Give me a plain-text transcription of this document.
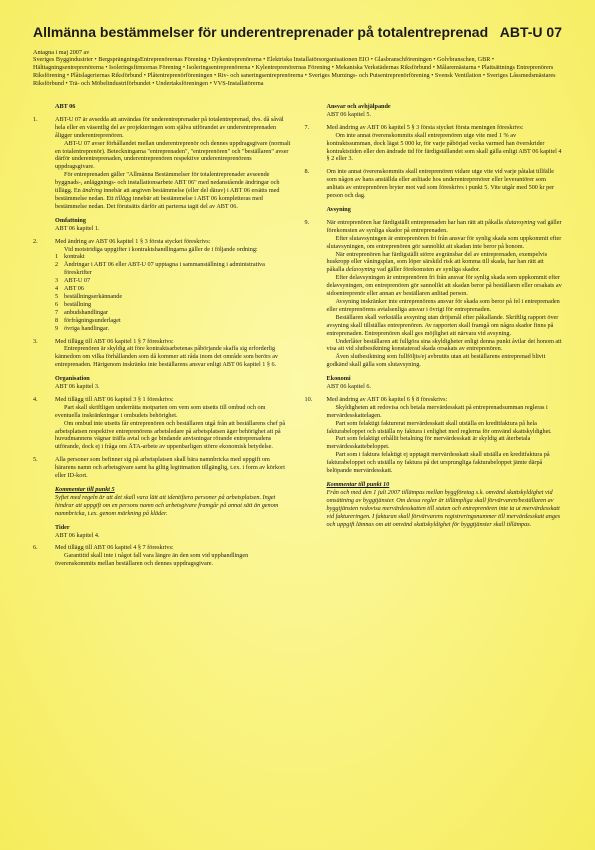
Allmänna bestämmelser för underentreprenader på totalentreprenad ABT-U 07
Antagna i maj 2007 av
Sveriges Byggindustrier • BergsprängningsEntreprenörernas Förening • Dykentreprenörerna • Elektriska Installatörsorganisationen EIO • Glasbranschföreningen • Golvbranschen, GBR • Hälttagningsentreprenörerna • Isoleringsfirmornas Förening • Isoleringsentreprenörerna • Kylentreprenörernas Förening • Mekaniska Verkstädernas Riksförbund • Målaremästarna • Plattsättnings Entreprenörers Riksförening • Plåtslageriernas Riksförbund • Plåtentreprenörföreningen • Riv- och saneringsentreprenörerna • Sveriges Murnings- och Putsentreprenörförening • Svensk Ventilation • Sveriges Låssmedsmästares Riksförbund • Trä- och Möbelindustriförbundet • Undertaksföreningen • VVS-Installatörerna
ABT 06
1.	ABT-U 07 är avsedda att användas för underentreprenader på totalentreprenad, dvs. då såväl hela eller en väsentlig del av projekteringen som själva utförandet av underentreprenaden åligger underentreprenören.
ABT-U 07 avser förhållandet mellan underentreprenör och dennes uppdragsgivare (normalt en totalentreprenör). Beteckningarna "entreprenaden", "entreprenören" och "beställaren" avser därför underentreprenaden, underentreprenören respektive underentreprenörens uppdragsgivare.
För entreprenaden gäller "Allmänna Bestämmelser för totalentreprenader avseende byggnads-, anläggnings- och installationsarbete ABT 06" med nedanstående ändringar och tillägg. En ändring innebär att angiven bestämmelse (eller del därav) i ABT 06 ersätts med bestämmelse nedan. Ett tillägg innebär att bestämmelse i ABT 06 kompletteras med bestämmelse nedan. Det förutsätts därför att parterna tagit del av ABT 06.
Omfattning
ABT 06 kapitel 1.
2.	Med ändring av ABT 06 kapitel 1 § 3 första stycket föreskrivs:
Vid motstridiga uppgifter i kontraktshandlingarna gäller de i följande ordning:
1 kontrakt
2 Ändringar i ABT 06 eller ABT-U 07 upptagna i sammanställning i administrativa föreskrifter
3 ABT-U 07
4 ABT 06
5 beställningserkännande
6 beställning
7 anbudshandlingar
8 förfrågningsunderlaget
9 övriga handlingar.
3.	Med tillägg till ABT 06 kapitel 1 § 7 föreskrivs:
Entreprenören är skyldig att före kontraktsarbetenas påbörjande skaffa sig erforderlig kännedom om vilka förhållanden som då kommer att råda inom det område som berörs av entreprenaden. Härigenom inskränks inte beställarens ansvar enligt ABT 06 kapitel 1 § 6.
Organisation
ABT 06 kapitel 3.
4.	Med tillägg till ABT 06 kapitel 3 § 1 föreskrivs:
Part skall skriftligen underrätta motparten om vem som utsetts till ombud och om eventuella inskränkningar i ombudets behörighet.
Om ombud inte utsetts får entreprenören och beställaren utgå från att beställarens chef på arbetsplatsen respektive entreprenörens arbetsledare på arbetsplatsen äger behörighet att på huvudmannens vägnar träffa avtal och ge bindande anvisningar rörande entreprenadens utförande, dock ej i fråga om ÄTA-arbete av uppenbarligen större ekonomisk betydelse.
5.	Alla personer som befinner sig på arbetsplatsen skall bära namnbricka med uppgift om härarens namn och arbetsgivare samt ha giltig legitimation tillgänglig, t.ex. i form av körkort eller ID-kort.
Kommentar till punkt 5
Syftet med regeln är att det skall vara lätt att identifiera personer på arbetsplatsen. Inget hindrar att uppgift om en persons namn och arbetsgivare framgår på annat sätt än genom namnbricka, t.ex. genom märkning på kläder.
Tider
ABT 06 kapitel 4.
6.	Med tillägg till ABT 06 kapitel 4 § 7 föreskrivs:
Garantitid skall inte i något fall vara längre än den som vid upphandlingen överenskommits mellan beställaren och dennes uppdragsgivare.
Ansvar och avhjälpande
ABT 06 kapitel 5.
7.	Med ändring av ABT 06 kapitel 5 § 3 första stycket första meningen föreskrivs:
Om inte annat överenskommits skall entreprenören utge vite med 1 % av kontraktssumman, dock lägst 5 000 kr, för varje påbörjad vecka varmed han överskrider kontraktstiden eller den ändrade tid för färdigställandet som skall gälla enligt ABT 06 kapitel 4 § 2 eller 3.
8.	Om inte annat överenskommits skall entreprenören vidare utge vite vid varje påtalat tillfälle som någon av hans anställda eller anlitade hos underentreprenörer eller leverantörer som anlitats av entreprenören bryter mot vad som föreskrivs i punkt 5. Vite utgår med 500 kr per person och dag.
Avsyning
9.	När entreprenören har färdigställt entreprenaden har han rätt att påkalla slutavsyning vad gäller förekomsten av synliga skador på entreprenaden.
Efter slutavsyningen är entreprenören fri från ansvar för synlig skada som uppkommit efter slutavsyningen, om entreprenören gör sannolikt att skadan inte beror på honom.
När entreprenören har färdigställt större avgränsbar del av entreprenaden, exempelvis huskropp eller våningsplan, som löper särskild risk att komma till skada, har han rätt att påkalla delavsyning vad gäller förekomsten av synliga skador.
Efter delavsyningen är entreprenören fri från ansvar för synlig skada som uppkommit efter delavsyningen, om entreprenören gör sannolikt att skadan beror på beställaren eller orsakats av sidoentreprenör eller annan av beställaren anlitad person.
Avsyning inskränker inte entreprenörens ansvar för skada som beror på fel i entreprenaden eller entreprenörens avtalsenliga ansvar i övrigt för entreprenaden.
Beställaren skall verkställa avsyning utan dröjsmål efter påkallande. Skriftlig rapport över avsyning skall tillställas entreprenören. Av rapporten skall framgå om några skador finns på entreprenaden. Entreprenören skall ges möjlighet att närvara vid avsyning.
Underlåter beställaren att fullgöra sina skyldigheter enligt denna punkt åvilar det honom att visa att vid slutbesiktning konstaterad skada orsakats av entreprenören.
Även slutbesiktning som fullföljts/ej avbrutits utan att beställarens entreprenad blivit godkänd skall gälla som slutavsyning.
Ekonomi
ABT 06 kapitel 6.
10.	Med ändring av ABT 06 kapitel 6 § 8 föreskrivs:
Skyldigheten att redovisa och betala mervärdesskatt på entreprenadsumman regleras i mervärdesskattelagen.
Part som felaktigt fakturerat mervärdesskatt skall utställa en kreditfaktura på hela fakturabeloppet och utställa ny faktura i enlighet med reglerna för omvänd skattskyldighet.
Part som felaktigt erhållit betalning för mervärdesskatt är skyldig att återbetala mervärdesskattebeloppet.
Part som i faktura felaktigt ej upptagit mervärdesskatt skall utställa en kreditfaktura på fakturabeloppet och utställa ny faktura på det ursprungliga fakturabeloppet jämte därpå belöpande mervärdesskatt.
Kommentar till punkt 10
Från och med den 1 juli 2007 tillämpas mellan byggföretag s.k. omvänd skattskyldighet vid omsättning av byggtjänster. Om dessa regler är tillämpliga skall förvärvaren/beställaren av byggtjänsten redovisa mervärdesskatten till staten och entreprenören inte ta ut mervärdesskatt vid faktureringen. I fakturan skall förvärvarens registreringsnummer till mervärdesskatt anges och uppgift lämnas om att omvänd skattskyldighet för byggtjänster skall tillämpas.
